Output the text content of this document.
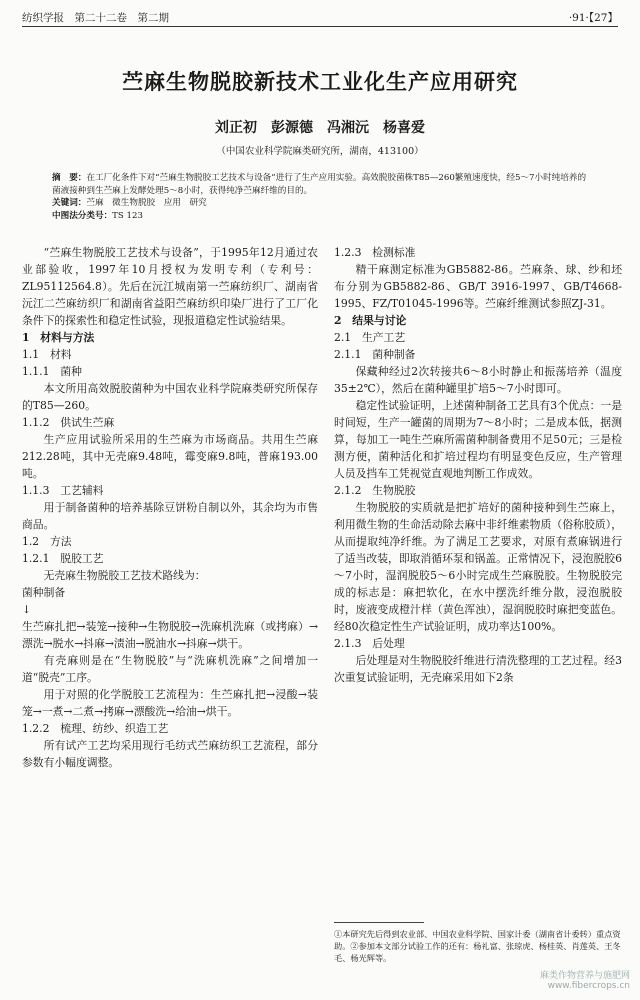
纺织学报　第二十二卷　第二期	·91·【27】
苎麻生物脱胶新技术工业化生产应用研究
刘正初　彭源德　冯湘沅　杨喜爱
（中国农业科学院麻类研究所，湖南，413100）
摘　要：在工厂化条件下对“苎麻生物脱胶工艺技术与设备”进行了生产应用实验。高效脱胶菌株T85—260繁殖速度快，经5～7小时纯培养的菌液接种到生苎麻上发酵处理5～8小时，获得纯净苎麻纤维的目的。
关键词：苎麻　微生物脱胶　应用　研究
中图法分类号：TS 123

“苎麻生物脱胶工艺技术与设备”，于1995年12月通过农业部验收，1997年10月授权为发明专利（专利号：ZL95112564.8）。先后在沅江城南第一苎麻纺织厂、湖南省沅江二苎麻纺织厂和湖南省益阳苎麻纺织印染厂进行了工厂化条件下的探索性和稳定性试验，现报道稳定性试验结果。

1　材料与方法

1.1　材料

1.1.1　菌种

本文所用高效脱胶菌种为中国农业科学院麻类研究所保存的T85—260。

1.1.2　供试生苎麻

生产应用试验所采用的生苎麻为市场商品。共用生苎麻212.28吨，其中无壳麻9.48吨，霉变麻9.8吨，普麻193.00吨。

1.1.3　工艺辅料

用于制备菌种的培养基除豆饼粉自制以外，其余均为市售商品。

1.2　方法

1.2.1　脱胶工艺

无壳麻生物脱胶工艺技术路线为：

菌种制备

↓

生苎麻扎把→装笼→接种→生物脱胶→洗麻机洗麻（或拷麻）→漂洗→脱水→抖麻→渍油→脱油水→抖麻→烘干。

有壳麻则是在“生物脱胶”与“洗麻机洗麻”之间增加一道“脱壳”工序。

用于对照的化学脱胶工艺流程为：生苎麻扎把→浸酸→装笼→一煮→二煮→拷麻→漂酸洗→给油→烘干。

1.2.2　梳理、纺纱、织造工艺

所有试产工艺均采用现行毛纺式苎麻纺织工艺流程，部分参数有小幅度调整。

1.2.3　检测标准

精干麻测定标准为GB5882-86。苎麻条、球、纱和坯布分别为GB5882-86、GB/T 3916-1997、GB/T4668-1995、FZ/T01045-1996等。苎麻纤维测试参照ZJ-31。

2　结果与讨论

2.1　生产工艺

2.1.1　菌种制备

保藏种经过2次转接共6～8小时静止和振荡培养（温度35±2℃），然后在菌种罐里扩培5～7小时即可。

稳定性试验证明，上述菌种制备工艺具有3个优点：一是时间短，生产一罐菌的周期为7～8小时；二是成本低，据测算，每加工一吨生苎麻所需菌种制备费用不足50元；三是检测方便，菌种活化和扩培过程均有明显变色反应，生产管理人员及挡车工凭视觉直观地判断工作成效。

2.1.2　生物脱胶

生物脱胶的实质就是把扩培好的菌种接种到生苎麻上，利用微生物的生命活动除去麻中非纤维素物质（俗称胶质），从而提取纯净纤维。为了满足工艺要求，对原有煮麻锅进行了适当改装，即取消循环泵和锅盖。正常情况下，浸泡脱胶6～7小时，湿润脱胶5～6小时完成生苎麻脱胶。生物脱胶完成的标志是：麻把软化，在水中摆洗纤维分散，浸泡脱胶时，废液变成橙汁样（黄色浑浊），湿润脱胶时麻把变蓝色。经80次稳定性生产试验证明，成功率达100%。

2.1.3　后处理

后处理是对生物脱胶纤维进行清洗整理的工艺过程。经3次重复试验证明，无壳麻采用如下2条

①本研究先后得到农业部、中国农业科学院、国家计委（湖南省计委转）重点资助。②参加本文部分试验工作的还有：杨礼富、张琼虎、杨桂英、肖莲英、王冬毛、杨光辉等。
麻类作物营养与施肥网 www.fibercrops.cn
